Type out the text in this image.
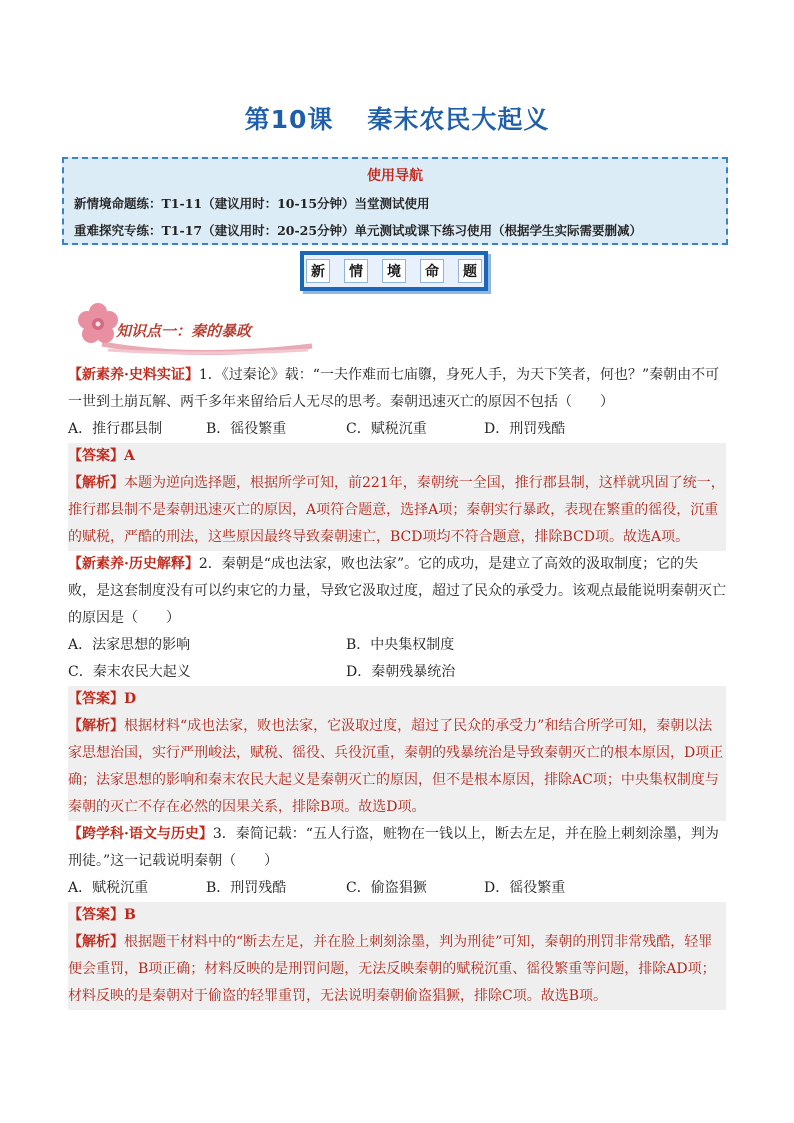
第10课 秦末农民大起义
使用导航
新情境命题练：T1-11（建议用时：10-15分钟）当堂测试使用
重难探究专练：T1-17（建议用时：20-25分钟）单元测试或课下练习使用（根据学生实际需要删减）
新	情	境	命	题
知识点一：秦的暴政

【新素养·史料实证】1．《过秦论》载：“一夫作难而七庙隳，身死人手，为天下笑者，何也？”秦朝由不可一世到土崩瓦解、两千多年来留给后人无尽的思考。秦朝迅速灭亡的原因不包括（　　）

A．推行郡县制	B．徭役繁重	C．赋税沉重	D．刑罚残酷

【答案】A

【解析】本题为逆向选择题，根据所学可知，前221年，秦朝统一全国，推行郡县制，这样就巩固了统一，推行郡县制不是秦朝迅速灭亡的原因，A项符合题意，选择A项；秦朝实行暴政，表现在繁重的徭役，沉重的赋税，严酷的刑法，这些原因最终导致秦朝速亡，BCD项均不符合题意，排除BCD项。故选A项。

【新素养·历史解释】2．秦朝是“成也法家，败也法家”。它的成功，是建立了高效的汲取制度；它的失败，是这套制度没有可以约束它的力量，导致它汲取过度，超过了民众的承受力。该观点最能说明秦朝灭亡的原因是（　　）

A．法家思想的影响	B．中央集权制度
C．秦末农民大起义	D．秦朝残暴统治

【答案】D

【解析】根据材料“成也法家，败也法家，它汲取过度，超过了民众的承受力”和结合所学可知，秦朝以法家思想治国，实行严刑峻法，赋税、徭役、兵役沉重，秦朝的残暴统治是导致秦朝灭亡的根本原因，D项正确；法家思想的影响和秦末农民大起义是秦朝灭亡的原因，但不是根本原因，排除AC项；中央集权制度与秦朝的灭亡不存在必然的因果关系，排除B项。故选D项。

【跨学科·语文与历史】3．秦简记载：“五人行盗，赃物在一钱以上，断去左足，并在脸上刺刻涂墨，判为刑徒。”这一记载说明秦朝（　　）

A．赋税沉重	B．刑罚残酷	C．偷盗猖獗	D．徭役繁重

【答案】B

【解析】根据题干材料中的“断去左足，并在脸上刺刻涂墨，判为刑徒”可知，秦朝的刑罚非常残酷，轻罪便会重罚，B项正确；材料反映的是刑罚问题，无法反映秦朝的赋税沉重、徭役繁重等问题，排除AD项；材料反映的是秦朝对于偷盗的轻罪重罚，无法说明秦朝偷盗猖獗，排除C项。故选B项。
